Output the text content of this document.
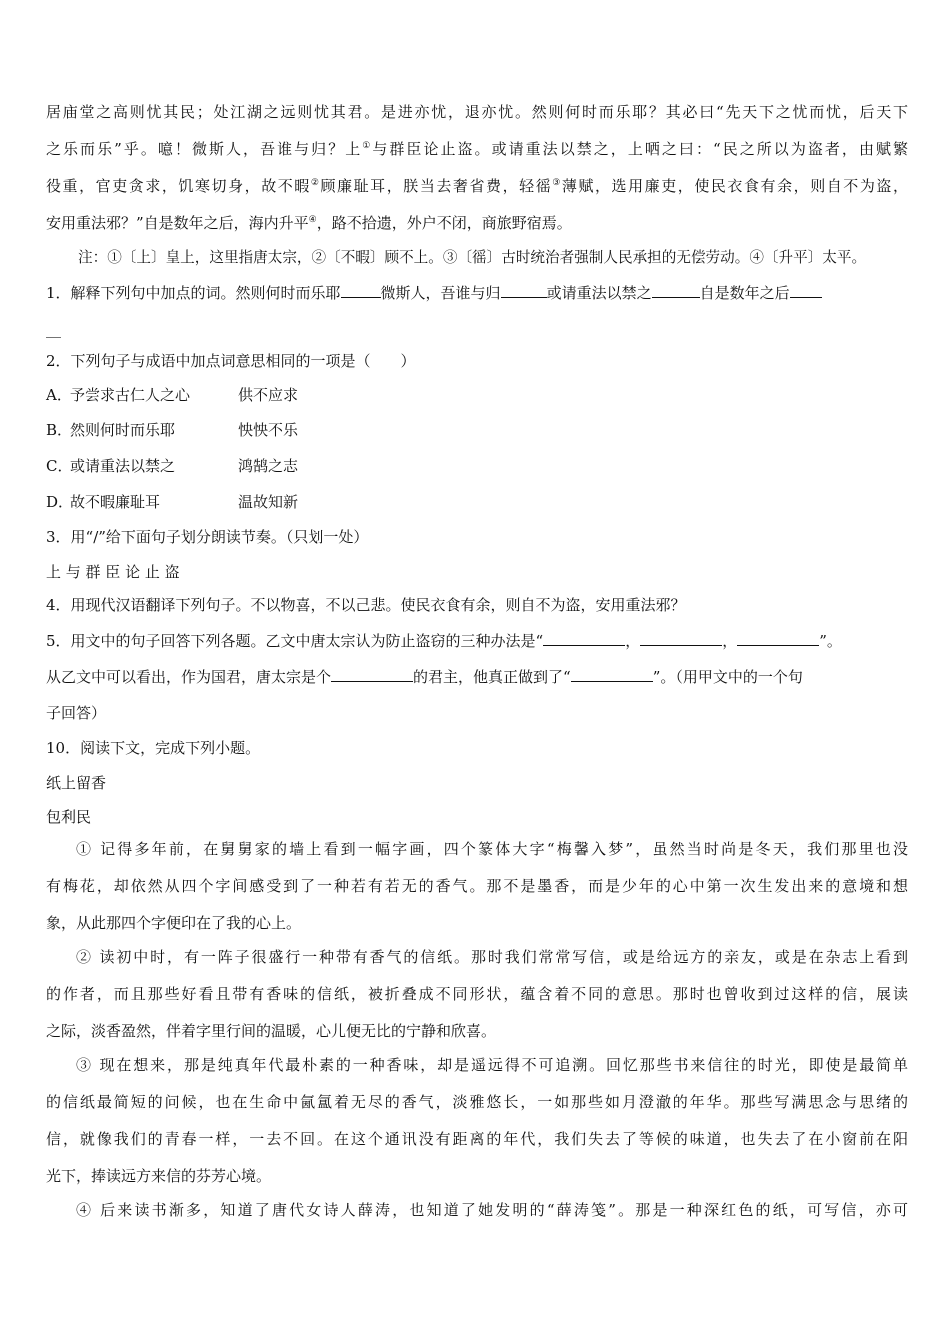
居庙堂之高则忧其民；处江湖之远则忧其君。是进亦忧，退亦忧。然则何时而乐耶？其必曰“先天下之忧而忧，后天下
之乐而乐”乎。噫！微斯人，吾谁与归？上①与群臣论止盗。或请重法以禁之，上哂之曰：“民之所以为盗者，由赋繁
役重，官吏贪求，饥寒切身，故不暇②顾廉耻耳，朕当去奢省费，轻徭③薄赋，选用廉吏，使民衣食有余，则自不为盗，
安用重法邪？”自是数年之后，海内升平④，路不拾遗，外户不闭，商旅野宿焉。
注：①〔上〕皇上，这里指唐太宗，②〔不暇〕顾不上。③〔徭〕古时统治者强制人民承担的无偿劳动。④〔升平〕太平。
1．解释下列句中加点的词。然则何时而乐耶	微斯人，吾谁与归	或请重法以禁之	自是数年之后
__
2．下列句子与成语中加点词意思相同的一项是（　　）
A．予尝求古仁人之心	供不应求
B．然则何时而乐耶	怏怏不乐
C．或请重法以禁之	鸿鹄之志
D．故不暇廉耻耳	温故知新
3．用“/”给下面句子划分朗读节奏。（只划一处）
上 与 群 臣 论 止 盗
4．用现代汉语翻译下列句子。不以物喜，不以己悲。使民衣食有余，则自不为盗，安用重法邪？
5．用文中的句子回答下列各题。乙文中唐太宗认为防止盗窃的三种办法是“	，	，	”。
从乙文中可以看出，作为国君，唐太宗是个	的君主，他真正做到了“	”。（用甲文中的一个句
子回答）
10．阅读下文，完成下列小题。
纸上留香
包利民
① 记得多年前，在舅舅家的墙上看到一幅字画，四个篆体大字“梅馨入梦”，虽然当时尚是冬天，我们那里也没
有梅花，却依然从四个字间感受到了一种若有若无的香气。那不是墨香，而是少年的心中第一次生发出来的意境和想
象，从此那四个字便印在了我的心上。
② 读初中时，有一阵子很盛行一种带有香气的信纸。那时我们常常写信，或是给远方的亲友，或是在杂志上看到
的作者，而且那些好看且带有香味的信纸，被折叠成不同形状，蕴含着不同的意思。那时也曾收到过这样的信，展读
之际，淡香盈然，伴着字里行间的温暖，心儿便无比的宁静和欣喜。
③ 现在想来，那是纯真年代最朴素的一种香味，却是遥远得不可追溯。回忆那些书来信往的时光，即使是最简单
的信纸最简短的问候，也在生命中氤氲着无尽的香气，淡雅悠长，一如那些如月澄澈的年华。那些写满思念与思绪的
信，就像我们的青春一样，一去不回。在这个通讯没有距离的年代，我们失去了等候的味道，也失去了在小窗前在阳
光下，捧读远方来信的芬芳心境。
④ 后来读书渐多，知道了唐代女诗人薛涛，也知道了她发明的“薛涛笺”。那是一种深红色的纸，可写信，亦可
